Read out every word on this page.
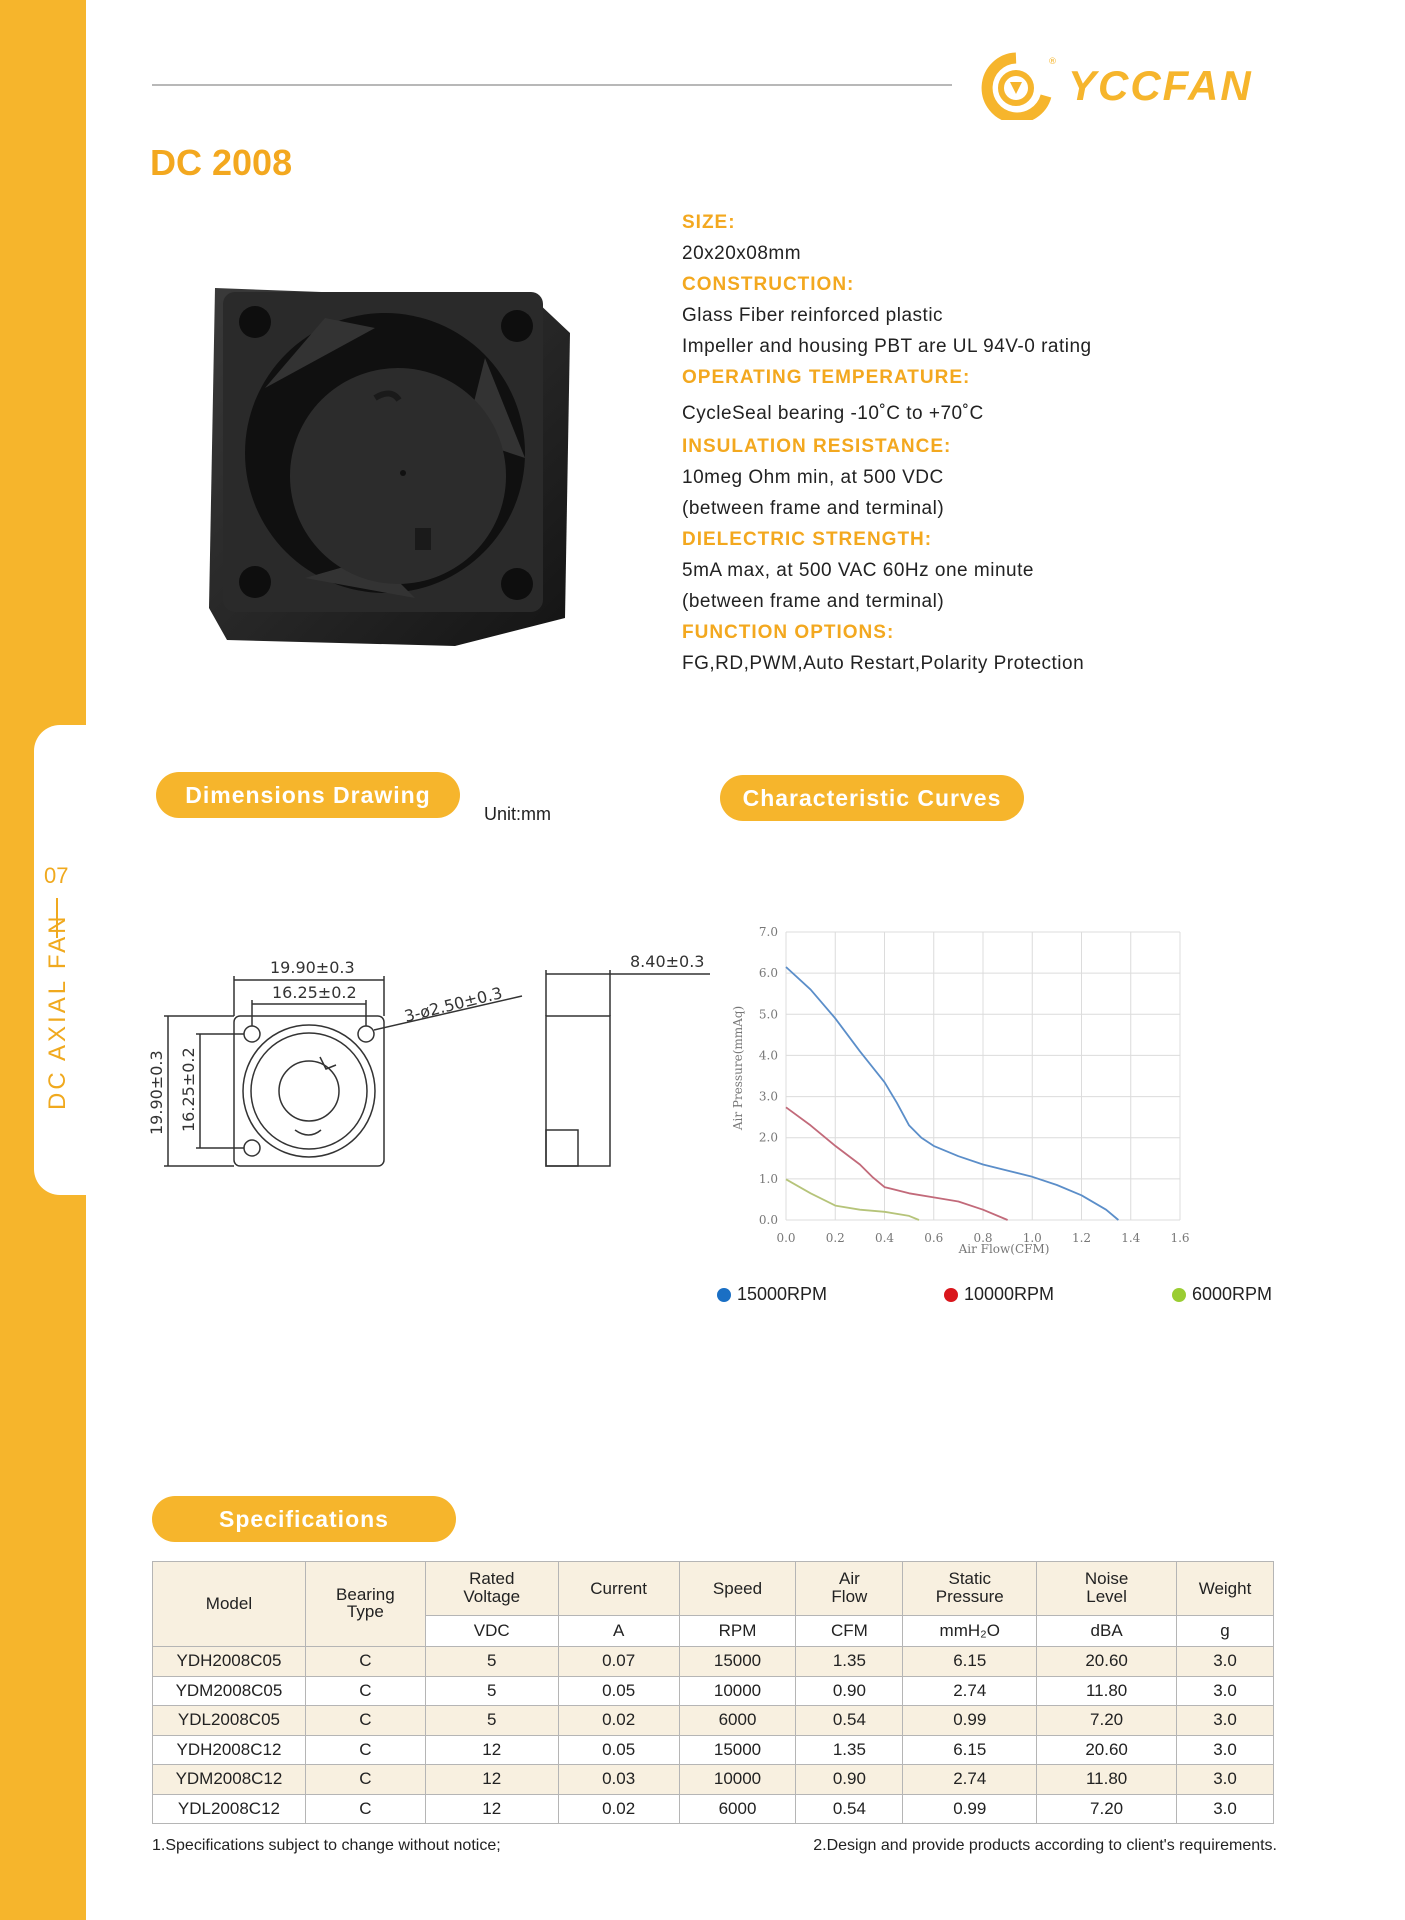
07
DC AXIAL FAN
® YCCFAN
DC 2008
SIZE:
20x20x08mm
CONSTRUCTION:
Glass Fiber reinforced plastic
Impeller and housing PBT are UL 94V-0 rating
OPERATING TEMPERATURE:
CycleSeal bearing -10˚C to +70˚C
INSULATION RESISTANCE:
10meg Ohm min, at 500 VDC
(between frame and terminal)
DIELECTRIC STRENGTH:
5mA max, at 500 VAC 60Hz one minute
(between frame and terminal)
FUNCTION OPTIONS:
FG,RD,PWM,Auto Restart,Polarity Protection
Dimensions Drawing
Unit:mm
Characteristic Curves
19.90±0.3
16.25±0.2	3-ø2.50±0.3
19.90±0.3 16.25±0.2
8.40±0.3
0.0	0.2	0.4	0.6	0.8	1.0	1.2	1.4	1.6
0.0
1.0
2.0
3.0
4.0
5.0
6.0
7.0
Air Flow(CFM)
Air Pressure(mmAq)
15000RPM	10000RPM	6000RPM
Specifications
Model	Bearing Type	Rated Voltage	Current	Speed	Air Flow	Static Pressure	Noise Level	Weight
		VDC	A	RPM	CFM	mmH₂O	dBA	g
YDH2008C05	C	5	0.07	15000	1.35	6.15	20.60	3.0
YDM2008C05	C	5	0.05	10000	0.90	2.74	11.80	3.0
YDL2008C05	C	5	0.02	6000	0.54	0.99	7.20	3.0
YDH2008C12	C	12	0.05	15000	1.35	6.15	20.60	3.0
YDM2008C12	C	12	0.03	10000	0.90	2.74	11.80	3.0
YDL2008C12	C	12	0.02	6000	0.54	0.99	7.20	3.0
1.Specifications subject to change without notice;	2.Design and provide products according to client's requirements.
